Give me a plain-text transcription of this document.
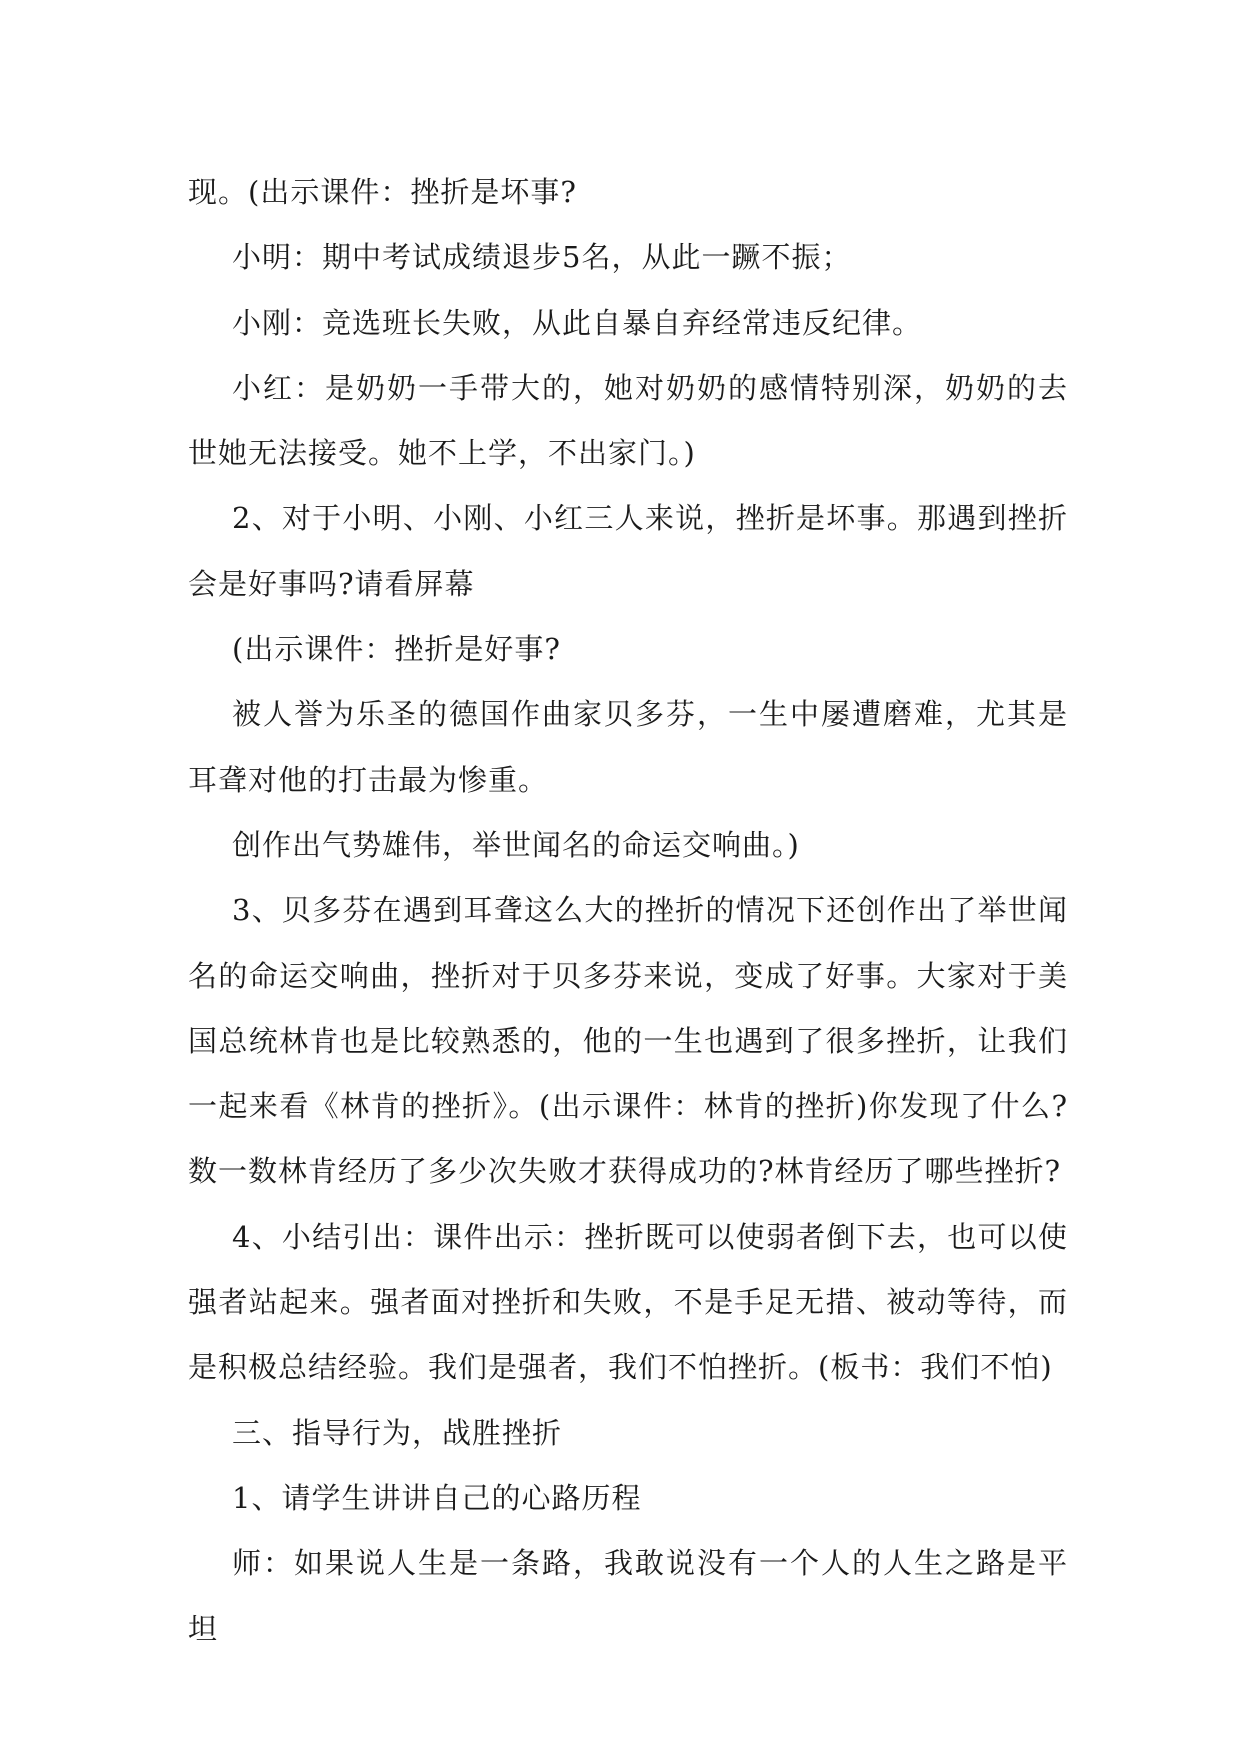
现。(出示课件：挫折是坏事?

小明：期中考试成绩退步5名，从此一蹶不振；

小刚：竞选班长失败，从此自暴自弃经常违反纪律。

小红：是奶奶一手带大的，她对奶奶的感情特别深，奶奶的去世她无法接受。她不上学，不出家门。)

2、对于小明、小刚、小红三人来说，挫折是坏事。那遇到挫折会是好事吗?请看屏幕

(出示课件：挫折是好事?

被人誉为乐圣的德国作曲家贝多芬，一生中屡遭磨难，尤其是耳聋对他的打击最为惨重。

创作出气势雄伟，举世闻名的命运交响曲。)

3、贝多芬在遇到耳聋这么大的挫折的情况下还创作出了举世闻名的命运交响曲，挫折对于贝多芬来说，变成了好事。大家对于美国总统林肯也是比较熟悉的，他的一生也遇到了很多挫折，让我们一起来看《林肯的挫折》。(出示课件：林肯的挫折)你发现了什么?数一数林肯经历了多少次失败才获得成功的?林肯经历了哪些挫折?

4、小结引出：课件出示：挫折既可以使弱者倒下去，也可以使强者站起来。强者面对挫折和失败，不是手足无措、被动等待，而是积极总结经验。我们是强者，我们不怕挫折。(板书：我们不怕)

三、指导行为，战胜挫折

1、请学生讲讲自己的心路历程

师：如果说人生是一条路，我敢说没有一个人的人生之路是平坦
